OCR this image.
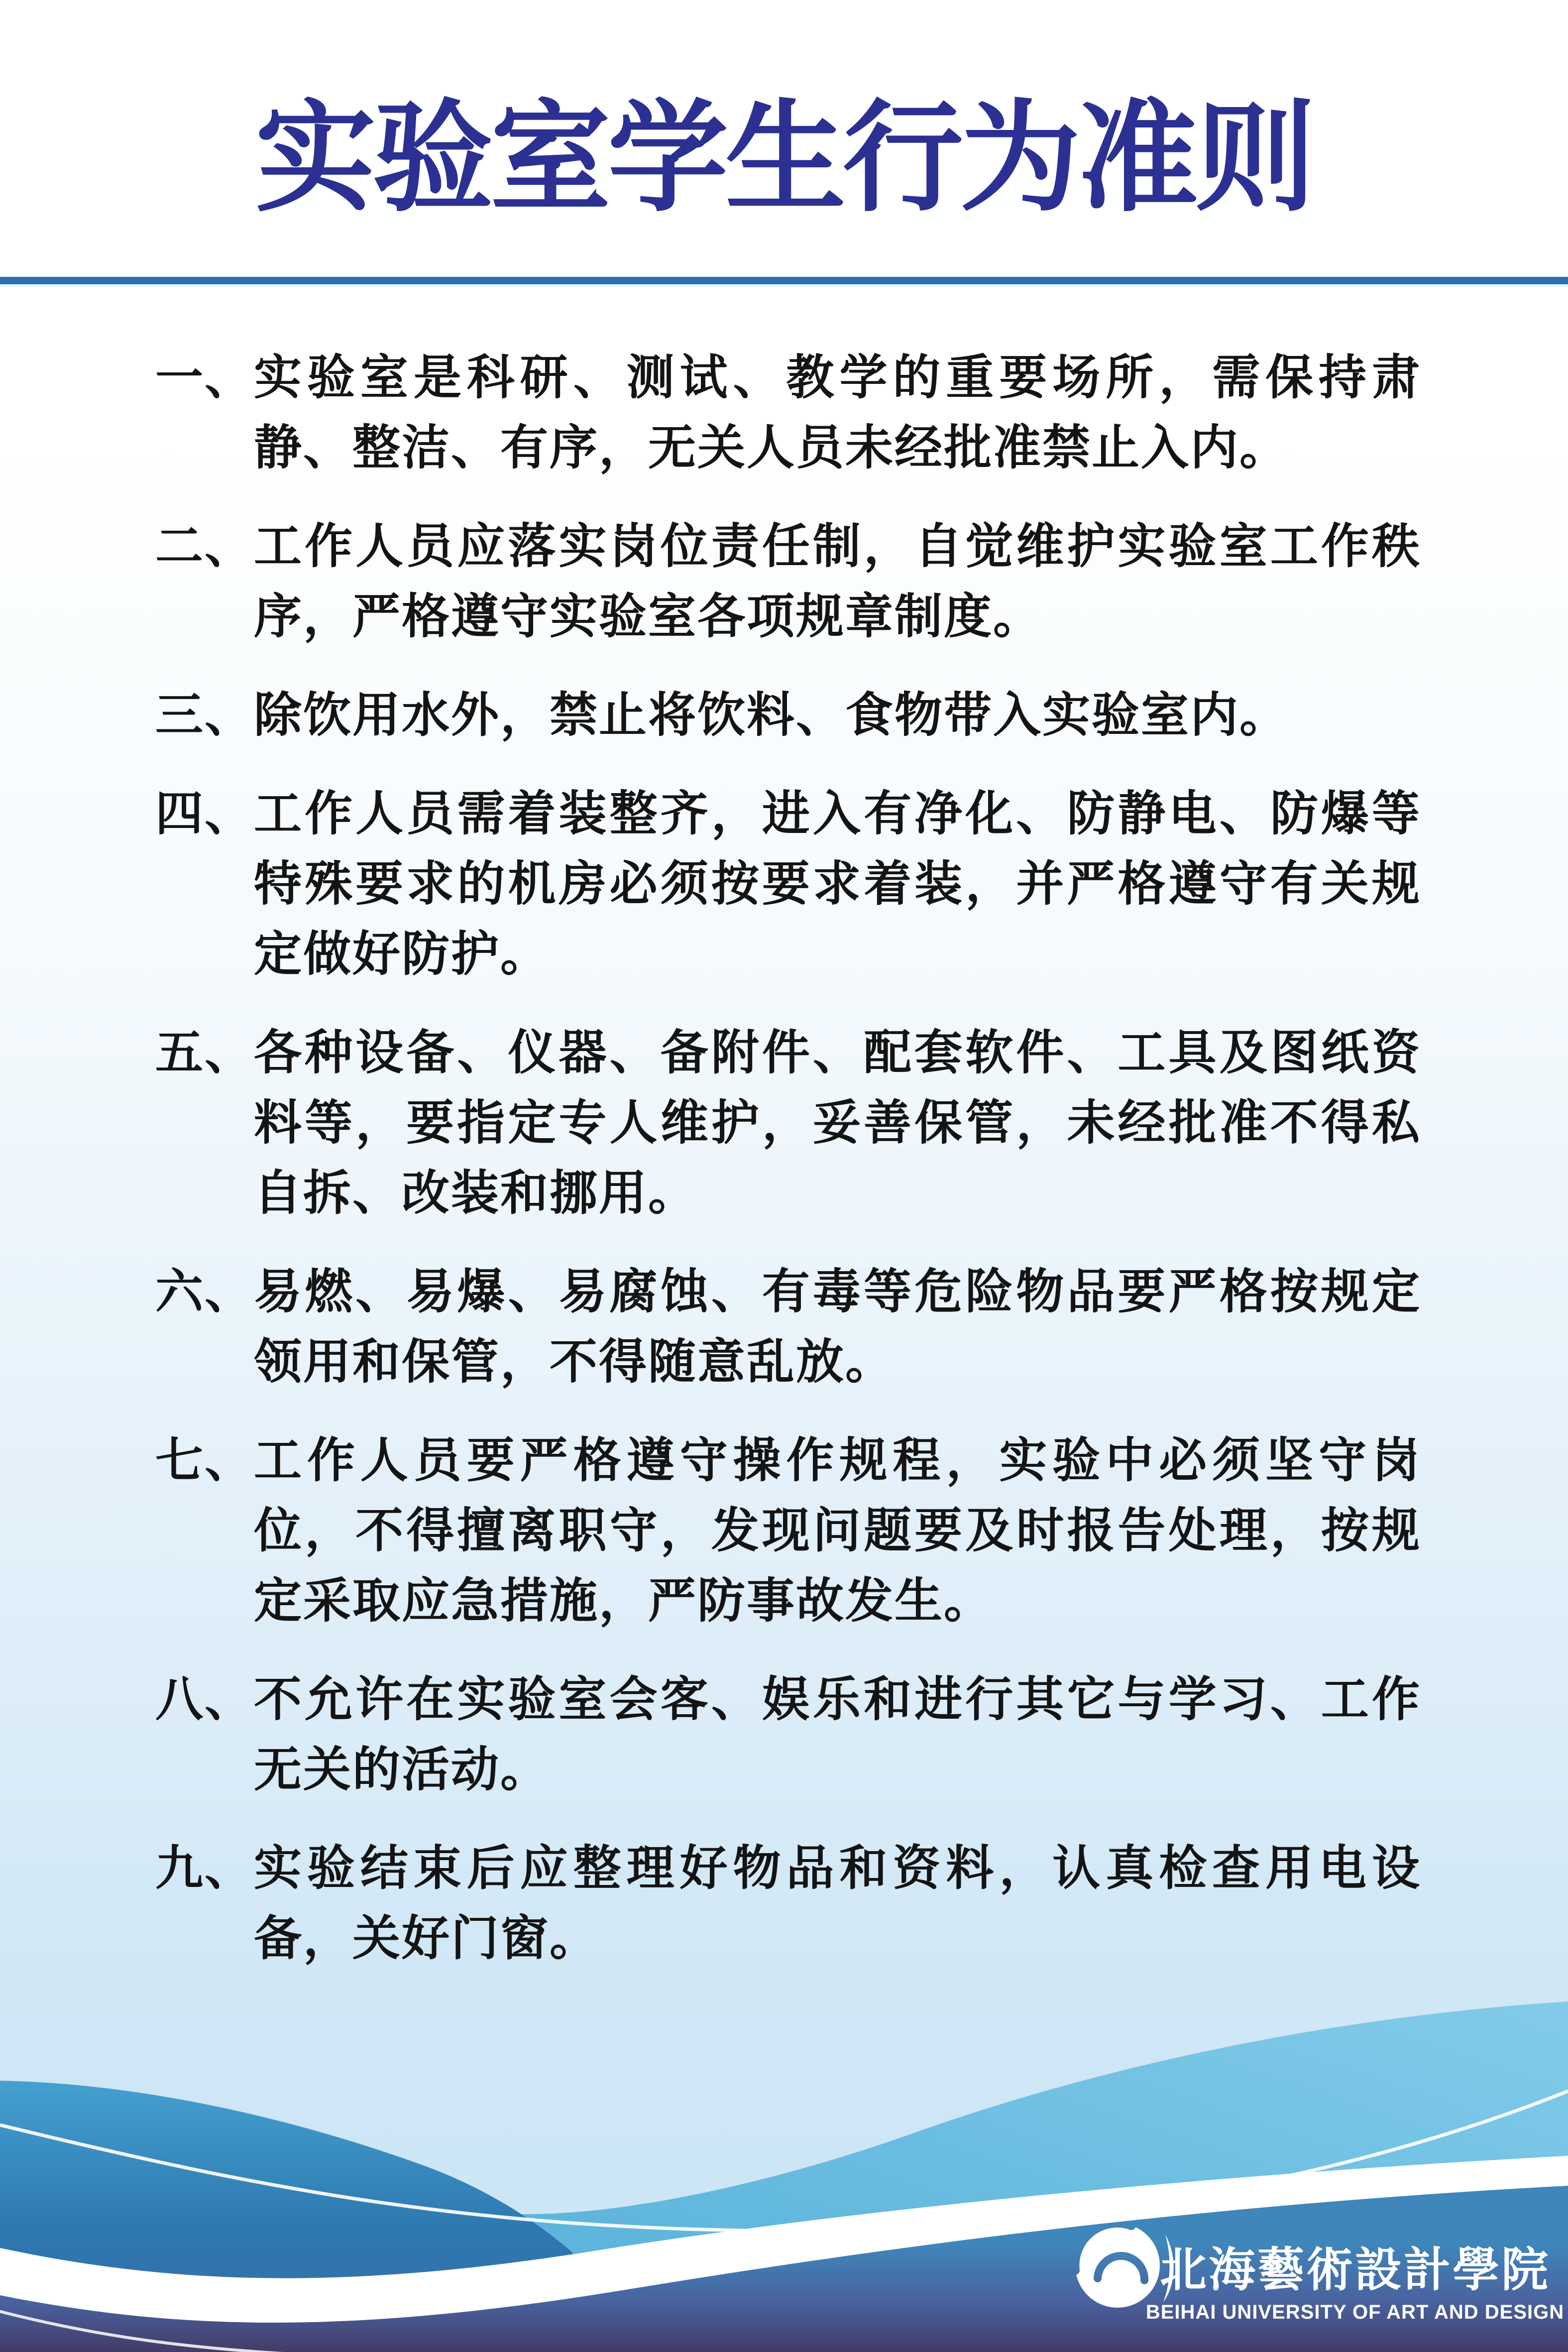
实验室学生行为准则
一、 实验室是科研、测试、教学的重要场所，需保持肃静、整洁、有序，无关人员未经批准禁止入内。
二、 工作人员应落实岗位责任制，自觉维护实验室工作秩序，严格遵守实验室各项规章制度。
三、 除饮用水外，禁止将饮料、食物带入实验室内。
四、 工作人员需着装整齐，进入有净化、防静电、防爆等特殊要求的机房必须按要求着装，并严格遵守有关规定做好防护。
五、 各种设备、仪器、备附件、配套软件、工具及图纸资料等，要指定专人维护，妥善保管，未经批准不得私自拆、改装和挪用。
六、 易燃、易爆、易腐蚀、有毒等危险物品要严格按规定领用和保管，不得随意乱放。
七、 工作人员要严格遵守操作规程，实验中必须坚守岗位，不得擅离职守，发现问题要及时报告处理，按规定采取应急措施，严防事故发生。
八、 不允许在实验室会客、娱乐和进行其它与学习、工作无关的活动。
九、 实验结束后应整理好物品和资料，认真检查用电设备，关好门窗。
北海藝術設計學院
BEIHAI UNIVERSITY OF ART AND DESIGN
